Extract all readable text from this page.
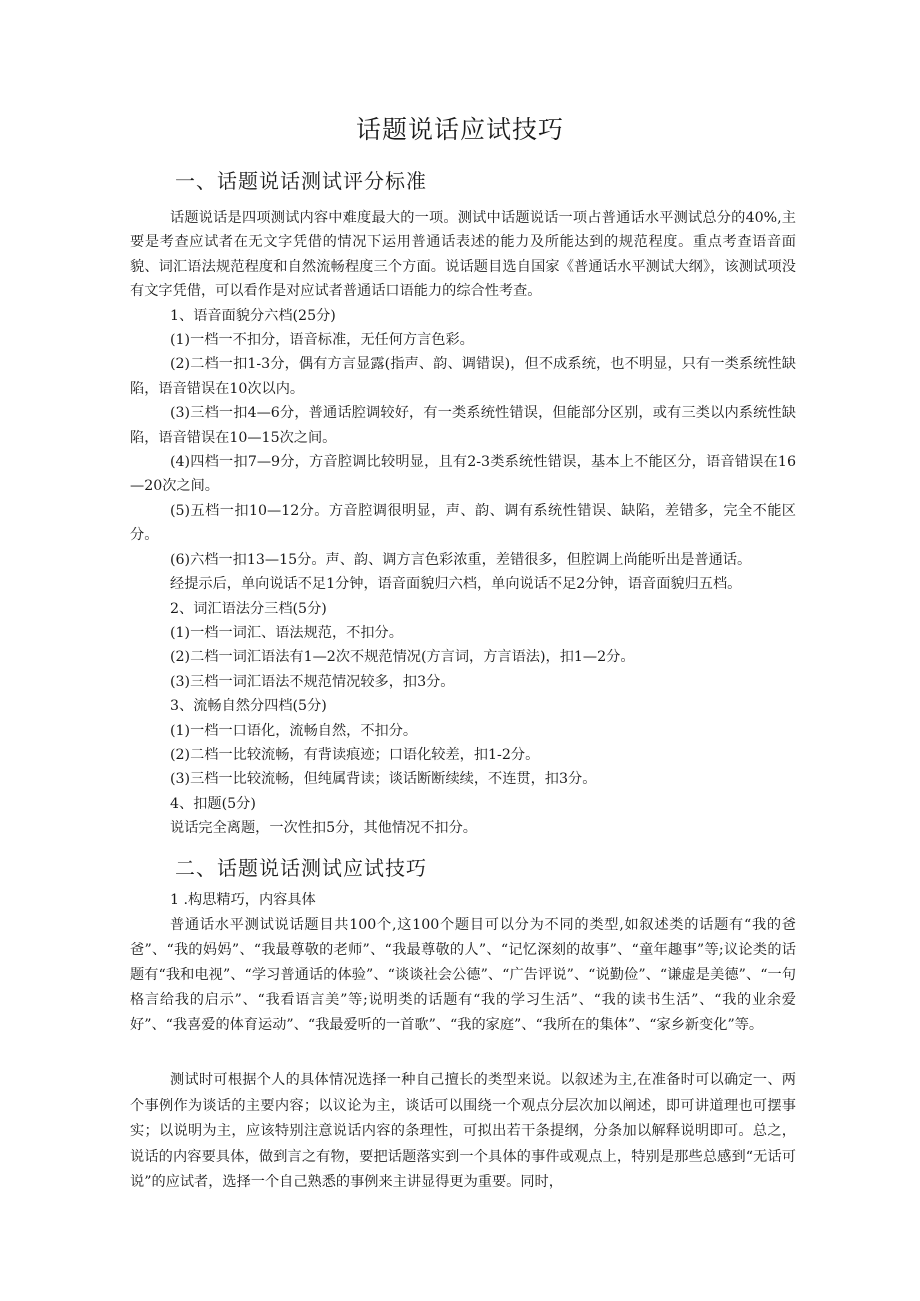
话题说话应试技巧
一、话题说话测试评分标准

话题说话是四项测试内容中难度最大的一项。测试中话题说话一项占普通话水平测试总分的40%,主要是考查应试者在无文字凭借的情况下运用普通话表述的能力及所能达到的规范程度。重点考查语音面貌、词汇语法规范程度和自然流畅程度三个方面。说话题目选自国家《普通话水平测试大纲》，该测试项没有文字凭借，可以看作是对应试者普通话口语能力的综合性考查。

1、语音面貌分六档(25分)

(1)一档一不扣分，语音标准，无任何方言色彩。

(2)二档一扣1-3分，偶有方言显露(指声、韵、调错误)，但不成系统，也不明显，只有一类系统性缺陷，语音错误在10次以内。

(3)三档一扣4—6分，普通话腔调较好，有一类系统性错误，但能部分区别，或有三类以内系统性缺陷，语音错误在10—15次之间。

(4)四档一扣7—9分，方音腔调比较明显，且有2-3类系统性错误，基本上不能区分，语音错误在16—20次之间。

(5)五档一扣10—12分。方音腔调很明显，声、韵、调有系统性错误、缺陷，差错多，完全不能区分。

(6)六档一扣13—15分。声、韵、调方言色彩浓重，差错很多，但腔调上尚能听出是普通话。

经提示后，单向说话不足1分钟，语音面貌归六档，单向说话不足2分钟，语音面貌归五档。

2、词汇语法分三档(5分)

(1)一档一词汇、语法规范，不扣分。

(2)二档一词汇语法有1—2次不规范情况(方言词，方言语法)，扣1—2分。

(3)三档一词汇语法不规范情况较多，扣3分。

3、流畅自然分四档(5分)

(1)一档一口语化，流畅自然，不扣分。

(2)二档一比较流畅，有背读痕迹；口语化较差，扣1-2分。

(3)三档一比较流畅，但纯属背读；谈话断断续续，不连贯，扣3分。

4、扣题(5分)

说话完全离题，一次性扣5分，其他情况不扣分。

二、话题说话测试应试技巧

1 .构思精巧，内容具体

普通话水平测试说话题目共100个,这100个题目可以分为不同的类型,如叙述类的话题有“我的爸爸”、“我的妈妈”、“我最尊敬的老师”、“我最尊敬的人”、“记忆深刻的故事”、“童年趣事”等;议论类的话题有“我和电视”、“学习普通话的体验”、“谈谈社会公德”、“广告评说”、“说勤俭”、“谦虚是美德”、“一句格言给我的启示”、“我看语言美”等;说明类的话题有“我的学习生活”、“我的读书生活”、“我的业余爱好”、“我喜爱的体育运动”、“我最爱听的一首歌”、“我的家庭”、“我所在的集体”、“家乡新变化”等。

测试时可根据个人的具体情况选择一种自己擅长的类型来说。以叙述为主,在准备时可以确定一、两个事例作为谈话的主要内容；以议论为主，谈话可以围绕一个观点分层次加以阐述，即可讲道理也可摆事实；以说明为主，应该特别注意说话内容的条理性，可拟出若干条提纲，分条加以解释说明即可。总之，说话的内容要具体，做到言之有物，要把话题落实到一个具体的事件或观点上，特别是那些总感到“无话可说”的应试者，选择一个自己熟悉的事例来主讲显得更为重要。同时，
